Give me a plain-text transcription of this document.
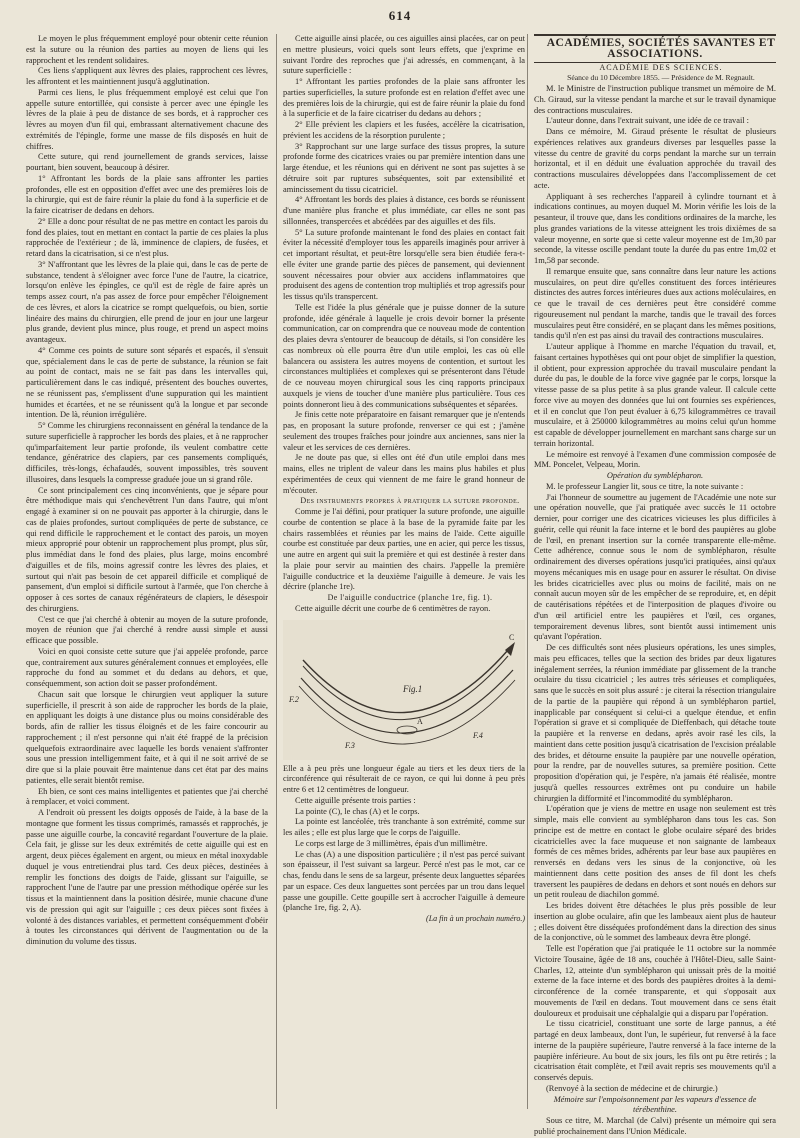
614

Le moyen le plus fréquemment employé pour obtenir cette réunion est la suture ou la réunion des parties au moyen de liens qui les rapprochent et les rendent solidaires.

Ces liens s'appliquent aux lèvres des plaies, rapprochent ces lèvres, les affrontent et les maintiennent jusqu'à agglutination.

Parmi ces liens, le plus fréquemment employé est celui que l'on appelle suture entortillée, qui consiste à percer avec une épingle les lèvres de la plaie à peu de distance de ses bords, et à rapprocher ces lèvres au moyen d'un fil qui, embrassant alternativement chacune des extrémités de l'épingle, forme une masse de fils disposés en huit de chiffres.

Cette suture, qui rend journellement de grands services, laisse pourtant, bien souvent, beaucoup à désirer.

1° Affrontant les bords de la plaie sans affronter les parties profondes, elle est en opposition d'effet avec une des premières lois de la chirurgie, qui est de faire réunir la plaie du fond à la superficie et de la faire cicatriser de dedans en dehors.

2° Elle a donc pour résultat de ne pas mettre en contact les parois du fond des plaies, tout en mettant en contact la partie de ces plaies la plus rapprochée de l'extérieur ; de là, imminence de clapiers, de fusées, et retard dans la cicatrisation, si ce n'est plus.

3° N'affrontant que les lèvres de la plaie qui, dans le cas de perte de substance, tendent à s'éloigner avec force l'une de l'autre, la cicatrice, lorsqu'on enlève les épingles, ce qu'il est de règle de faire après un temps assez court, n'a pas assez de force pour empêcher l'éloignement de ces lèvres, et alors la cicatrice se rompt quelquefois, ou bien, sortie linéaire des mains du chirurgien, elle prend de jour en jour une largeur plus grande, devient plus mince, plus rouge, et prend un aspect moins avantageux.

4° Comme ces points de suture sont séparés et espacés, il s'ensuit que, spécialement dans le cas de perte de substance, la réunion se fait au point de contact, mais ne se fait pas dans les intervalles qui, particulièrement dans le cas indiqué, présentent des bouches ouvertes, ne se réunissent pas, s'emplissent d'une suppuration qui les maintient humides et écartées, et ne se réunissent qu'à la longue et par seconde intention. De là, réunion irrégulière.

5° Comme les chirurgiens reconnaissent en général la tendance de la suture superficielle à rapprocher les bords des plaies, et à ne rapprocher qu'imparfaitement leur partie profonde, ils veulent combattre cette tendance, génératrice des clapiers, par ces pansements compliqués, difficiles, très-longs, échafaudés, souvent impossibles, très souvent illusoires, dans lesquels la compresse graduée joue un si grand rôle.

Ce sont principalement ces cinq inconvénients, que je sépare pour être méthodique mais qui s'enchevêtrent l'un dans l'autre, qui m'ont engagé à examiner si on ne pouvait pas apporter à la chirurgie, dans le cas de plaies profondes, surtout compliquées de perte de substance, ce qui rend difficile le rapprochement et le contact des parois, un moyen mieux approprié pour obtenir un rapprochement plus prompt, plus sûr, plus immédiat dans le fond des plaies, plus large, moins encombré d'aiguilles et de fils, moins agressif contre les lèvres des plaies, et surtout qui n'ait pas besoin de cet appareil difficile et compliqué de pansement, d'un emploi si difficile surtout à l'armée, que l'on cherche à opposer à ces sortes de canaux régénérateurs de clapiers, le désespoir des chirurgiens.

C'est ce que j'ai cherché à obtenir au moyen de la suture profonde, moyen de réunion que j'ai cherché à rendre aussi simple et aussi efficace que possible.

Voici en quoi consiste cette suture que j'ai appelée profonde, parce que, contrairement aux sutures généralement connues et employées, elle rapproche du fond au sommet et du dedans au dehors, et que, conséquemment, son action doit se passer profondément.

Chacun sait que lorsque le chirurgien veut appliquer la suture superficielle, il prescrit à son aide de rapprocher les bords de la plaie, en appliquant les doigts à une distance plus ou moins considérable des bords, afin de rallier les tissus éloignés et de les faire concourir au rapprochement ; il n'est personne qui n'ait été frappé de la précision quelquefois extraordinaire avec laquelle les bords venaient s'affronter sous une pression intelligemment faite, et à qui il ne soit arrivé de se dire que si la plaie pouvait être maintenue dans cet état par des mains patientes, elle serait bientôt remise.

Eh bien, ce sont ces mains intelligentes et patientes que j'ai cherché à remplacer, et voici comment.

A l'endroit où pressent les doigts opposés de l'aide, à la base de la montagne que forment les tissus comprimés, ramassés et rapprochés, je passe une aiguille courbe, la concavité regardant l'ouverture de la plaie. Cela fait, je glisse sur les deux extrémités de cette aiguille qui est en argent, deux pièces également en argent, ou mieux en métal inoxydable duquel je vous entretiendrai plus tard. Ces deux pièces, destinées à remplir les fonctions des doigts de l'aide, glissant sur l'aiguille, se rapprochent l'une de l'autre par une pression méthodique opérée sur les tissus et la maintiennent dans la position désirée, munie chacune d'une vis de pression qui agit sur l'aiguille ; ces deux pièces sont fixées à volonté à des distances variables, et permettent conséquemment d'obéir à toutes les circonstances qui dérivent de l'augmentation ou de la diminution du volume des tissus.

Cette aiguille ainsi placée, ou ces aiguilles ainsi placées, car on peut en mettre plusieurs, voici quels sont leurs effets, que j'exprime en suivant l'ordre des reproches que j'ai adressés, en commençant, à la suture superficielle :

1° Affrontant les parties profondes de la plaie sans affronter les parties superficielles, la suture profonde est en relation d'effet avec une des premières lois de la chirurgie, qui est de faire réunir la plaie du fond à la superficie et de la faire cicatriser du dedans au dehors ;

2° Elle prévient les clapiers et les fusées, accélère la cicatrisation, prévient les accidens de la résorption purulente ;

3° Rapprochant sur une large surface des tissus propres, la suture profonde forme des cicatrices vraies ou par première intention dans une large étendue, et les réunions qui en dérivent ne sont pas sujettes à se détruire soit par ruptures subséquentes, soit par extensibilité et amincissement du tissu cicatriciel.

4° Affrontant les bords des plaies à distance, ces bords se réunissent d'une manière plus franche et plus immédiate, car elles ne sont pas sillonnées, transpercées et abcédées par des aiguilles et des fils.

5° La suture profonde maintenant le fond des plaies en contact fait éviter la nécessité d'employer tous les appareils imaginés pour arriver à cet important résultat, et peut-être lorsqu'elle sera bien étudiée fera-t-elle éviter une grande partie des pièces de pansement, qui deviennent souvent nécessaires pour obvier aux accidens inflammatoires que produisent des agens de contention trop multipliés et trop agressifs pour les tissus qu'ils transpercent.

Telle est l'idée la plus générale que je puisse donner de la suture profonde, idée générale à laquelle je crois devoir borner la présente communication, car on comprendra que ce nouveau mode de contention des plaies devra s'entourer de beaucoup de détails, si l'on considère les cas nombreux où elle pourra être d'un utile emploi, les cas où elle balancera ou assistera les autres moyens de contention, et surtout les circonstances multipliées et complexes qui se présenteront dans l'étude de ce nouveau moyen chirurgical sous les cinq rapports principaux auxquels je viens de toucher d'une manière plus particulière. Tous ces points donneront lieu à des communications subséquentes et séparées.

Je finis cette note préparatoire en faisant remarquer que je n'entends pas, en proposant la suture profonde, renverser ce qui est ; j'amène seulement des troupes fraîches pour joindre aux anciennes, sans nier la valeur et les services de ces dernières.

Je ne doute pas que, si elles ont été d'un utile emploi dans mes mains, elles ne triplent de valeur dans les mains plus habiles et plus expérimentées de ceux qui viennent de me faire le grand honneur de m'écouter.

Des instruments propres à pratiquer la suture profonde.

Comme je l'ai défini, pour pratiquer la suture profonde, une aiguille courbe de contention se place à la base de la pyramide faite par les chairs rassemblées et réunies par les mains de l'aide. Cette aiguille courbe est constituée par deux parties, une en acier, qui perce les tissus, une autre en argent qui suit la première et qui est destinée à rester dans la plaie pour servir au maintien des chairs. J'appelle la première l'aiguille conductrice et la deuxième l'aiguille à demeure. Je vais les décrire (planche 1re).

De l'aiguille conductrice (planche 1re, fig. 1).

Cette aiguille décrit une courbe de 6 centimètres de rayon.

Fig.1
C
A
F.2
F.3
F.4

Elle a à peu près une longueur égale au tiers et les deux tiers de la circonférence qui résulterait de ce rayon, ce qui lui donne à peu près entre 6 et 12 centimètres de longueur.

Cette aiguille présente trois parties :

La pointe (C), le chas (A) et le corps.

La pointe est lancéolée, très tranchante à son extrémité, comme sur les ailes ; elle est plus large que le corps de l'aiguille.

Le corps est large de 3 millimètres, épais d'un millimètre.

Le chas (A) a une disposition particulière ; il n'est pas percé suivant son épaisseur, il l'est suivant sa largeur. Percé n'est pas le mot, car ce chas, fendu dans le sens de sa largeur, présente deux languettes séparées par un espace. Ces deux languettes sont percées par un trou dans lequel passe une goupille. Cette goupille sert à accrocher l'aiguille à demeure (planche 1re, fig. 2, A).

(La fin à un prochain numéro.)

ACADÉMIES, SOCIÉTÉS SAVANTES ET ASSOCIATIONS.

ACADÉMIE DES SCIENCES.

Séance du 10 Décembre 1855. — Présidence de M. Regnault.

M. le Ministre de l'instruction publique transmet un mémoire de M. Ch. Giraud, sur la vitesse pendant la marche et sur le travail dynamique des contractions musculaires.

L'auteur donne, dans l'extrait suivant, une idée de ce travail :

Dans ce mémoire, M. Giraud présente le résultat de plusieurs expériences relatives aux grandeurs diverses par lesquelles passe la vitesse du centre de gravité du corps pendant la marche sur un terrain horizontal, et il en déduit une évaluation approchée du travail des contractions musculaires développées dans l'accomplissement de cet acte.

Appliquant à ses recherches l'appareil à cylindre tournant et à indications continues, au moyen duquel M. Morin vérifie les lois de la pesanteur, il trouve que, dans les conditions ordinaires de la marche, les plus grandes variations de la vitesse atteignent les trois dixièmes de sa valeur moyenne, en sorte que si cette valeur moyenne est de 1m,30 par seconde, la vitesse oscille pendant toute la durée du pas entre 1m,02 et 1m,58 par seconde.

Il remarque ensuite que, sans connaître dans leur nature les actions musculaires, on peut dire qu'elles constituent des forces intérieures distinctes des autres forces intérieures dues aux actions moléculaires, en ce que le travail de ces dernières peut être considéré comme rigoureusement nul pendant la marche, tandis que le travail des forces musculaires peut être considéré, en se plaçant dans les mêmes positions, tandis qu'il n'en est pas ainsi du travail des contractions musculaires.

L'auteur applique à l'homme en marche l'équation du travail, et, faisant certaines hypothèses qui ont pour objet de simplifier la question, il obtient, pour expression approchée du travail musculaire pendant la durée du pas, le double de la force vive gagnée par le corps, lorsque la vitesse passe de sa plus petite à sa plus grande valeur. Il calcule cette force vive au moyen des données que lui ont fournies ses expériences, et il en conclut que l'on peut évaluer à 6,75 kilogrammètres ce travail musculaire, et à 250000 kilogrammètres au moins celui qu'un homme est capable de développer journellement en marchant sans charge sur un terrain horizontal.

Le mémoire est renvoyé à l'examen d'une commission composée de MM. Poncelet, Velpeau, Morin.

Opération du symblépharon.

M. le professeur Langier lit, sous ce titre, la note suivante :

J'ai l'honneur de soumettre au jugement de l'Académie une note sur une opération nouvelle, que j'ai pratiquée avec succès le 11 octobre dernier, pour corriger une des cicatrices vicieuses les plus difficiles à guérir, celle qui réunit la face interne et le bord des paupières au globe de l'œil, en prenant insertion sur la cornée transparente elle-même. Cette adhérence, connue sous le nom de symblépharon, résulte ordinairement des diverses opérations jusqu'ici pratiquées, ainsi qu'aux moyens mécaniques mis en usage pour en assurer le résultat. On divise les brides cicatricielles avec plus ou moins de facilité, mais on ne connaît aucun moyen sûr de les empêcher de se reproduire, et, en dépit de cautérisations répétées et de l'interposition de plaques d'ivoire ou d'un œil artificiel entre les paupières et l'œil, ces organes, temporairement devenus libres, sont bientôt aussi intimement unis qu'avant l'opération.

De ces difficultés sont nées plusieurs opérations, les unes simples, mais peu efficaces, telles que la section des brides par deux ligatures inégalement serrées, la réunion immédiate par glissement de la tranche oculaire du tissu cicatriciel ; les autres très sérieuses et compliquées, sans que le succès en soit plus assuré : je citerai la résection triangulaire de la partie de la paupière qui répond à un symblépharon partiel, inapplicable par conséquent si celui-ci a quelque étendue, et enfin l'opération si grave et si compliquée de Dieffenbach, qui détache toute la paupière et la renverse en dedans, après avoir rasé les cils, la maintient dans cette position jusqu'à cicatrisation de l'excision préalable des brides, et détourne ensuite la paupière par une nouvelle opération, pour la rendre, par de nouvelles sutures, sa première position. Cette proposition d'opération qui, je l'espère, n'a jamais été réalisée, montre jusqu'à quelles ressources extrêmes ont pu conduire un habile chirurgien la difformité et l'incommodité du symblépharon.

L'opération que je viens de mettre en usage non seulement est très simple, mais elle convient au symblépharon dans tous les cas. Son principe est de mettre en contact le globe oculaire séparé des brides cicatricielles avec la face muqueuse et non saignante de lambeaux formés de ces mêmes brides, adhérents par leur base aux paupières en renversés en dedans vers les sinus de la conjonctive, où les maintiennent dans cette position des anses de fil dont les chefs traversent les paupières de dedans en dehors et sont noués en dehors sur un petit rouleau de diachilon gommé.

Les brides doivent être détachées le plus près possible de leur insertion au globe oculaire, afin que les lambeaux aient plus de hauteur ; elles doivent être disséquées profondément dans la direction des sinus de la conjonctive, où le sommet des lambeaux devra être plongé.

Telle est l'opération que j'ai pratiquée le 11 octobre sur la nommée Victoire Tousaine, âgée de 18 ans, couchée à l'Hôtel-Dieu, salle Saint-Charles, 12, atteinte d'un symblépharon qui unissait près de la moitié externe de la face interne et des bords des paupières droites à la demi-circonférence de la cornée transparente, et qui s'opposait aux mouvements de l'œil en dedans. Tout mouvement dans ce sens était douloureux et produisait une céphalalgie qui a disparu par l'opération.

Le tissu cicatriciel, constituant une sorte de large pannus, a été partagé en deux lambeaux, dont l'un, le supérieur, fut renversé à la face interne de la paupière supérieure, l'autre renversé à la face interne de la paupière inférieure. Au bout de six jours, les fils ont pu être retirés ; la cicatrisation était complète, et l'œil avait repris ses mouvements qu'il a conservés depuis.

(Renvoyé à la section de médecine et de chirurgie.)

Mémoire sur l'empoisonnement par les vapeurs d'essence de térébenthine.

Sous ce titre, M. Marchal (de Calvi) présente un mémoire qui sera publié prochainement dans l'Union Médicale.
